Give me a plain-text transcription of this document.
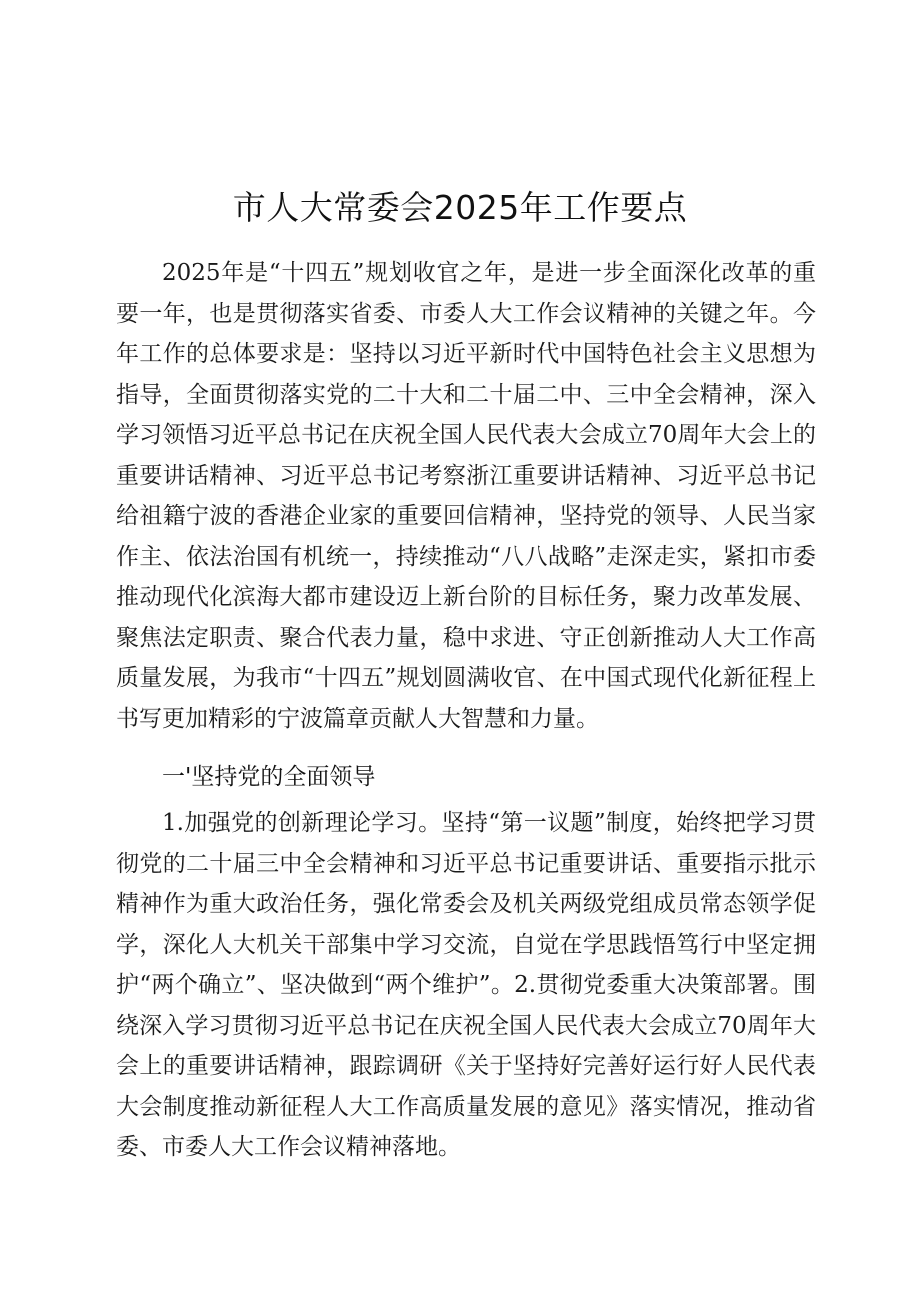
市人大常委会2025年工作要点

2025年是“十四五”规划收官之年，是进一步全面深化改革的重要一年，也是贯彻落实省委、市委人大工作会议精神的关键之年。今年工作的总体要求是：坚持以习近平新时代中国特色社会主义思想为指导，全面贯彻落实党的二十大和二十届二中、三中全会精神，深入学习领悟习近平总书记在庆祝全国人民代表大会成立70周年大会上的重要讲话精神、习近平总书记考察浙江重要讲话精神、习近平总书记给祖籍宁波的香港企业家的重要回信精神，坚持党的领导、人民当家作主、依法治国有机统一，持续推动“八八战略”走深走实，紧扣市委推动现代化滨海大都市建设迈上新台阶的目标任务，聚力改革发展、聚焦法定职责、聚合代表力量，稳中求进、守正创新推动人大工作高质量发展，为我市“十四五”规划圆满收官、在中国式现代化新征程上书写更加精彩的宁波篇章贡献人大智慧和力量。

一'坚持党的全面领导

1.加强党的创新理论学习。坚持“第一议题”制度，始终把学习贯彻党的二十届三中全会精神和习近平总书记重要讲话、重要指示批示精神作为重大政治任务，强化常委会及机关两级党组成员常态领学促学，深化人大机关干部集中学习交流，自觉在学思践悟笃行中坚定拥护“两个确立”、坚决做到“两个维护”。2.贯彻党委重大决策部署。围绕深入学习贯彻习近平总书记在庆祝全国人民代表大会成立70周年大会上的重要讲话精神，跟踪调研《关于坚持好完善好运行好人民代表大会制度推动新征程人大工作高质量发展的意见》落实情况，推动省委、市委人大工作会议精神落地。
